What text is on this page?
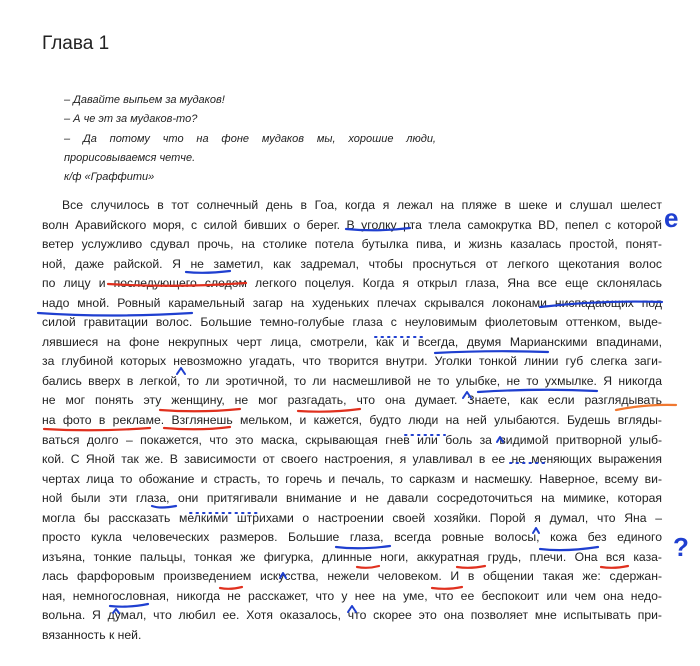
Глава 1
– Давайте выпьем за мудаков!
– А че эт за мудаков-то?
– Да потому что на фоне мудаков мы, хорошие люди,
прорисовываемся четче.
к/ф «Граффити»
Все случилось в тот солнечный день в Гоа, когда я лежал на пляже в шеке и слушал шелест
волн Аравийского моря, с силой бивших о берег. В уголку рта тлела самокрутка BD, пепел с которой
ветер услужливо сдувал прочь, на столике потела бутылка пива, и жизнь казалась простой, понят-
ной, даже райской. Я не заметил, как задремал, чтобы проснуться от легкого щекотания волос
по лицу и последующего следом легкого поцелуя. Когда я открыл глаза, Яна все еще склонялась
надо мной. Ровный карамельный загар на худеньких плечах скрывался локонами ниспадающих под
силой гравитации волос. Большие темно-голубые глаза с неуловимым фиолетовым оттенком, выде-
лявшиеся на фоне некрупных черт лица, смотрели, как и всегда, двумя Марианскими впадинами,
за глубиной которых невозможно угадать, что творится внутри. Уголки тонкой линии губ слегка заги-
бались вверх в легкой, то ли эротичной, то ли насмешливой не то улыбке, не то ухмылке. Я никогда
не мог понять эту женщину, не мог разгадать, что она думает. Знаете, как если разглядывать
на фото в рекламе. Взглянешь мельком, и кажется, будто люди на ней улыбаются. Будешь вгляды-
ваться долго – покажется, что это маска, скрывающая гнев или боль за видимой притворной улыб-
кой. С Яной так же. В зависимости от своего настроения, я улавливал в ее не меняющих выражения
чертах лица то обожание и страсть, то горечь и печаль, то сарказм и насмешку. Наверное, всему ви-
ной были эти глаза, они притягивали внимание и не давали сосредоточиться на мимике, которая
могла бы рассказать мелкими штрихами о настроении своей хозяйки. Порой я думал, что Яна –
просто кукла человеческих размеров. Большие глаза, всегда ровные волосы, кожа без единого
изъяна, тонкие пальцы, тонкая же фигурка, длинные ноги, аккуратная грудь, плечи. Она вся каза-
лась фарфоровым произведением искусства, нежели человеком. И в общении такая же: сдержан-
ная, немногословная, никогда не расскажет, что у нее на уме, что ее беспокоит или чем она недо-
вольна. Я думал, что любил ее. Хотя оказалось, что скорее это она позволяет мне испытывать при-
вязанность к ней.
е
?
